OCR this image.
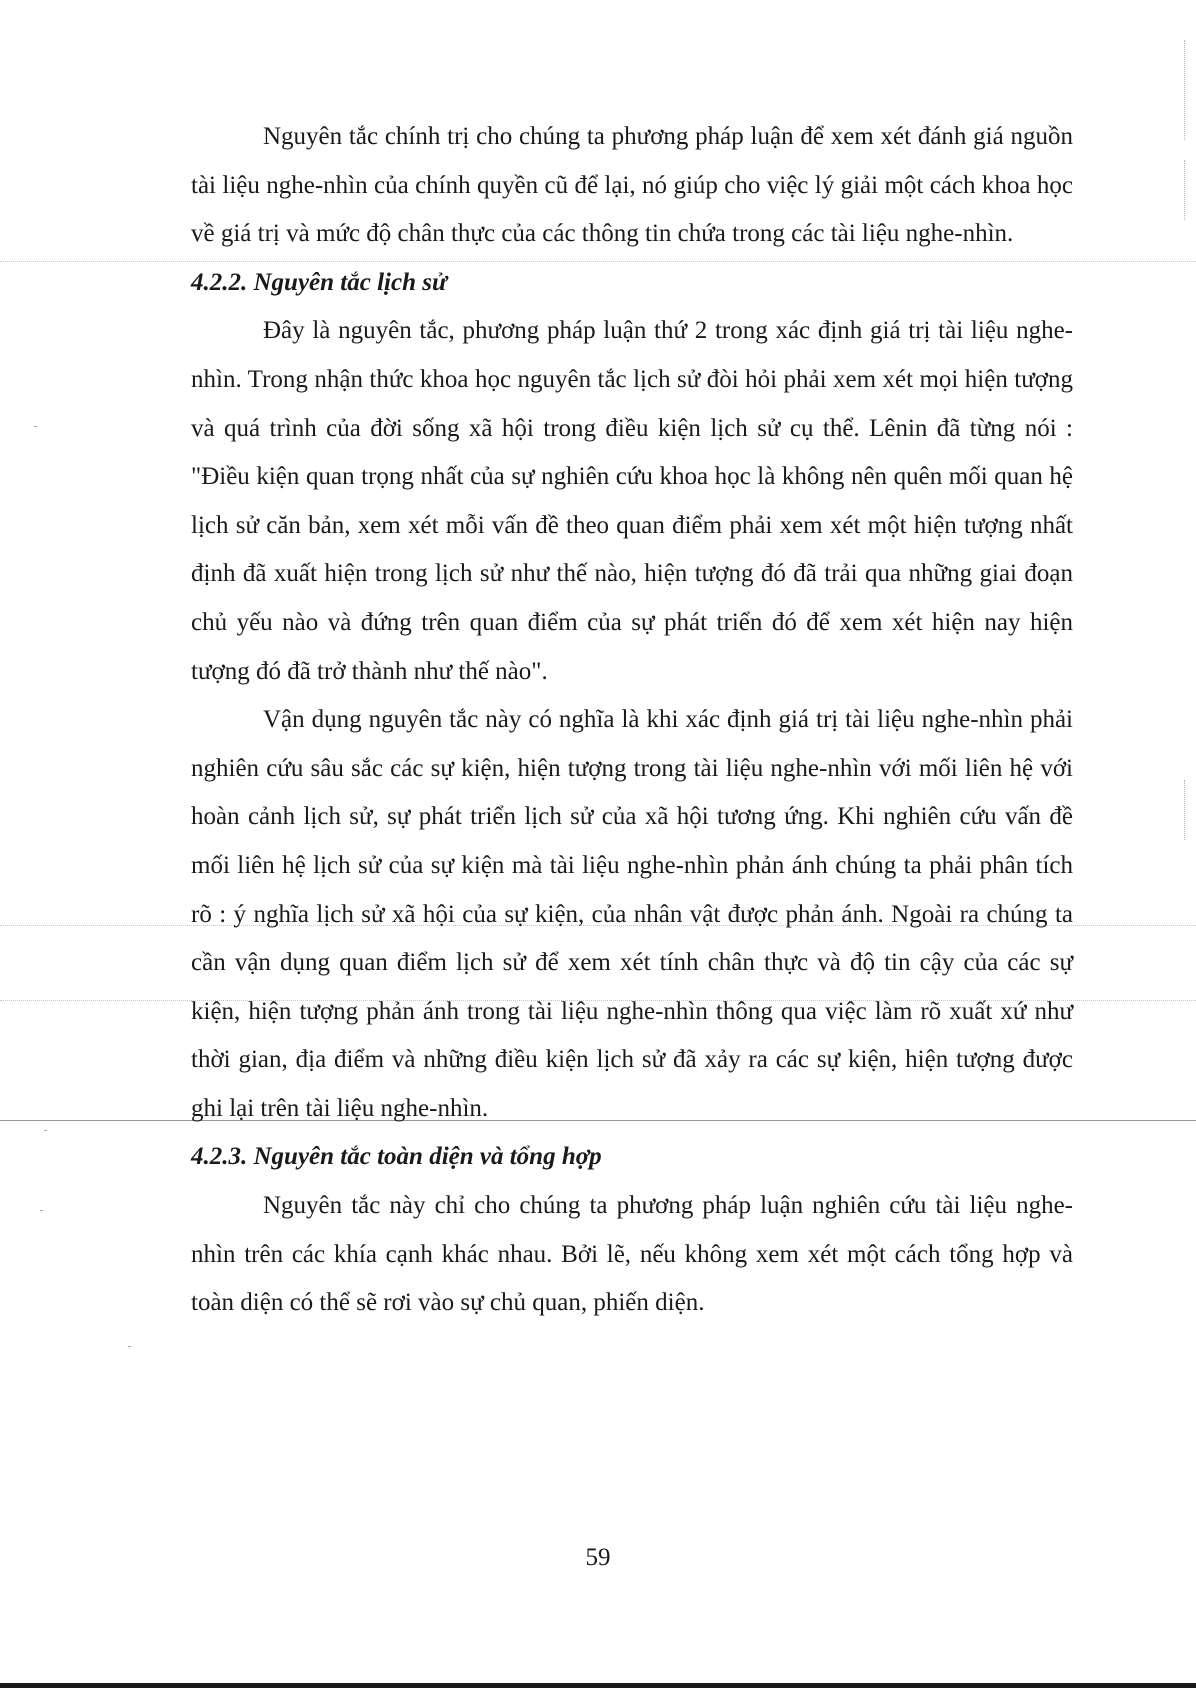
Nguyên tắc chính trị cho chúng ta phương pháp luận để xem xét đánh giá nguồn tài liệu nghe-nhìn của chính quyền cũ để lại, nó giúp cho việc lý giải một cách khoa học về giá trị và mức độ chân thực của các thông tin chứa trong các tài liệu nghe-nhìn.

4.2.2. Nguyên tắc lịch sử

Đây là nguyên tắc, phương pháp luận thứ 2 trong xác định giá trị tài liệu nghe-nhìn. Trong nhận thức khoa học nguyên tắc lịch sử đòi hỏi phải xem xét mọi hiện tượng và quá trình của đời sống xã hội trong điều kiện lịch sử cụ thể. Lênin đã từng nói : "Điều kiện quan trọng nhất của sự nghiên cứu khoa học là không nên quên mối quan hệ lịch sử căn bản, xem xét mỗi vấn đề theo quan điểm phải xem xét một hiện tượng nhất định đã xuất hiện trong lịch sử như thế nào, hiện tượng đó đã trải qua những giai đoạn chủ yếu nào và đứng trên quan điểm của sự phát triển đó để xem xét hiện nay hiện tượng đó đã trở thành như thế nào".

Vận dụng nguyên tắc này có nghĩa là khi xác định giá trị tài liệu nghe-nhìn phải nghiên cứu sâu sắc các sự kiện, hiện tượng trong tài liệu nghe-nhìn với mối liên hệ với hoàn cảnh lịch sử, sự phát triển lịch sử của xã hội tương ứng. Khi nghiên cứu vấn đề mối liên hệ lịch sử của sự kiện mà tài liệu nghe-nhìn phản ánh chúng ta phải phân tích rõ : ý nghĩa lịch sử xã hội của sự kiện, của nhân vật được phản ánh. Ngoài ra chúng ta cần vận dụng quan điểm lịch sử để xem xét tính chân thực và độ tin cậy của các sự kiện, hiện tượng phản ánh trong tài liệu nghe-nhìn thông qua việc làm rõ xuất xứ như thời gian, địa điểm và những điều kiện lịch sử đã xảy ra các sự kiện, hiện tượng được ghi lại trên tài liệu nghe-nhìn.

4.2.3. Nguyên tắc toàn diện và tổng hợp

Nguyên tắc này chỉ cho chúng ta phương pháp luận nghiên cứu tài liệu nghe-nhìn trên các khía cạnh khác nhau. Bởi lẽ, nếu không xem xét một cách tổng hợp và toàn diện có thể sẽ rơi vào sự chủ quan, phiến diện.

59
